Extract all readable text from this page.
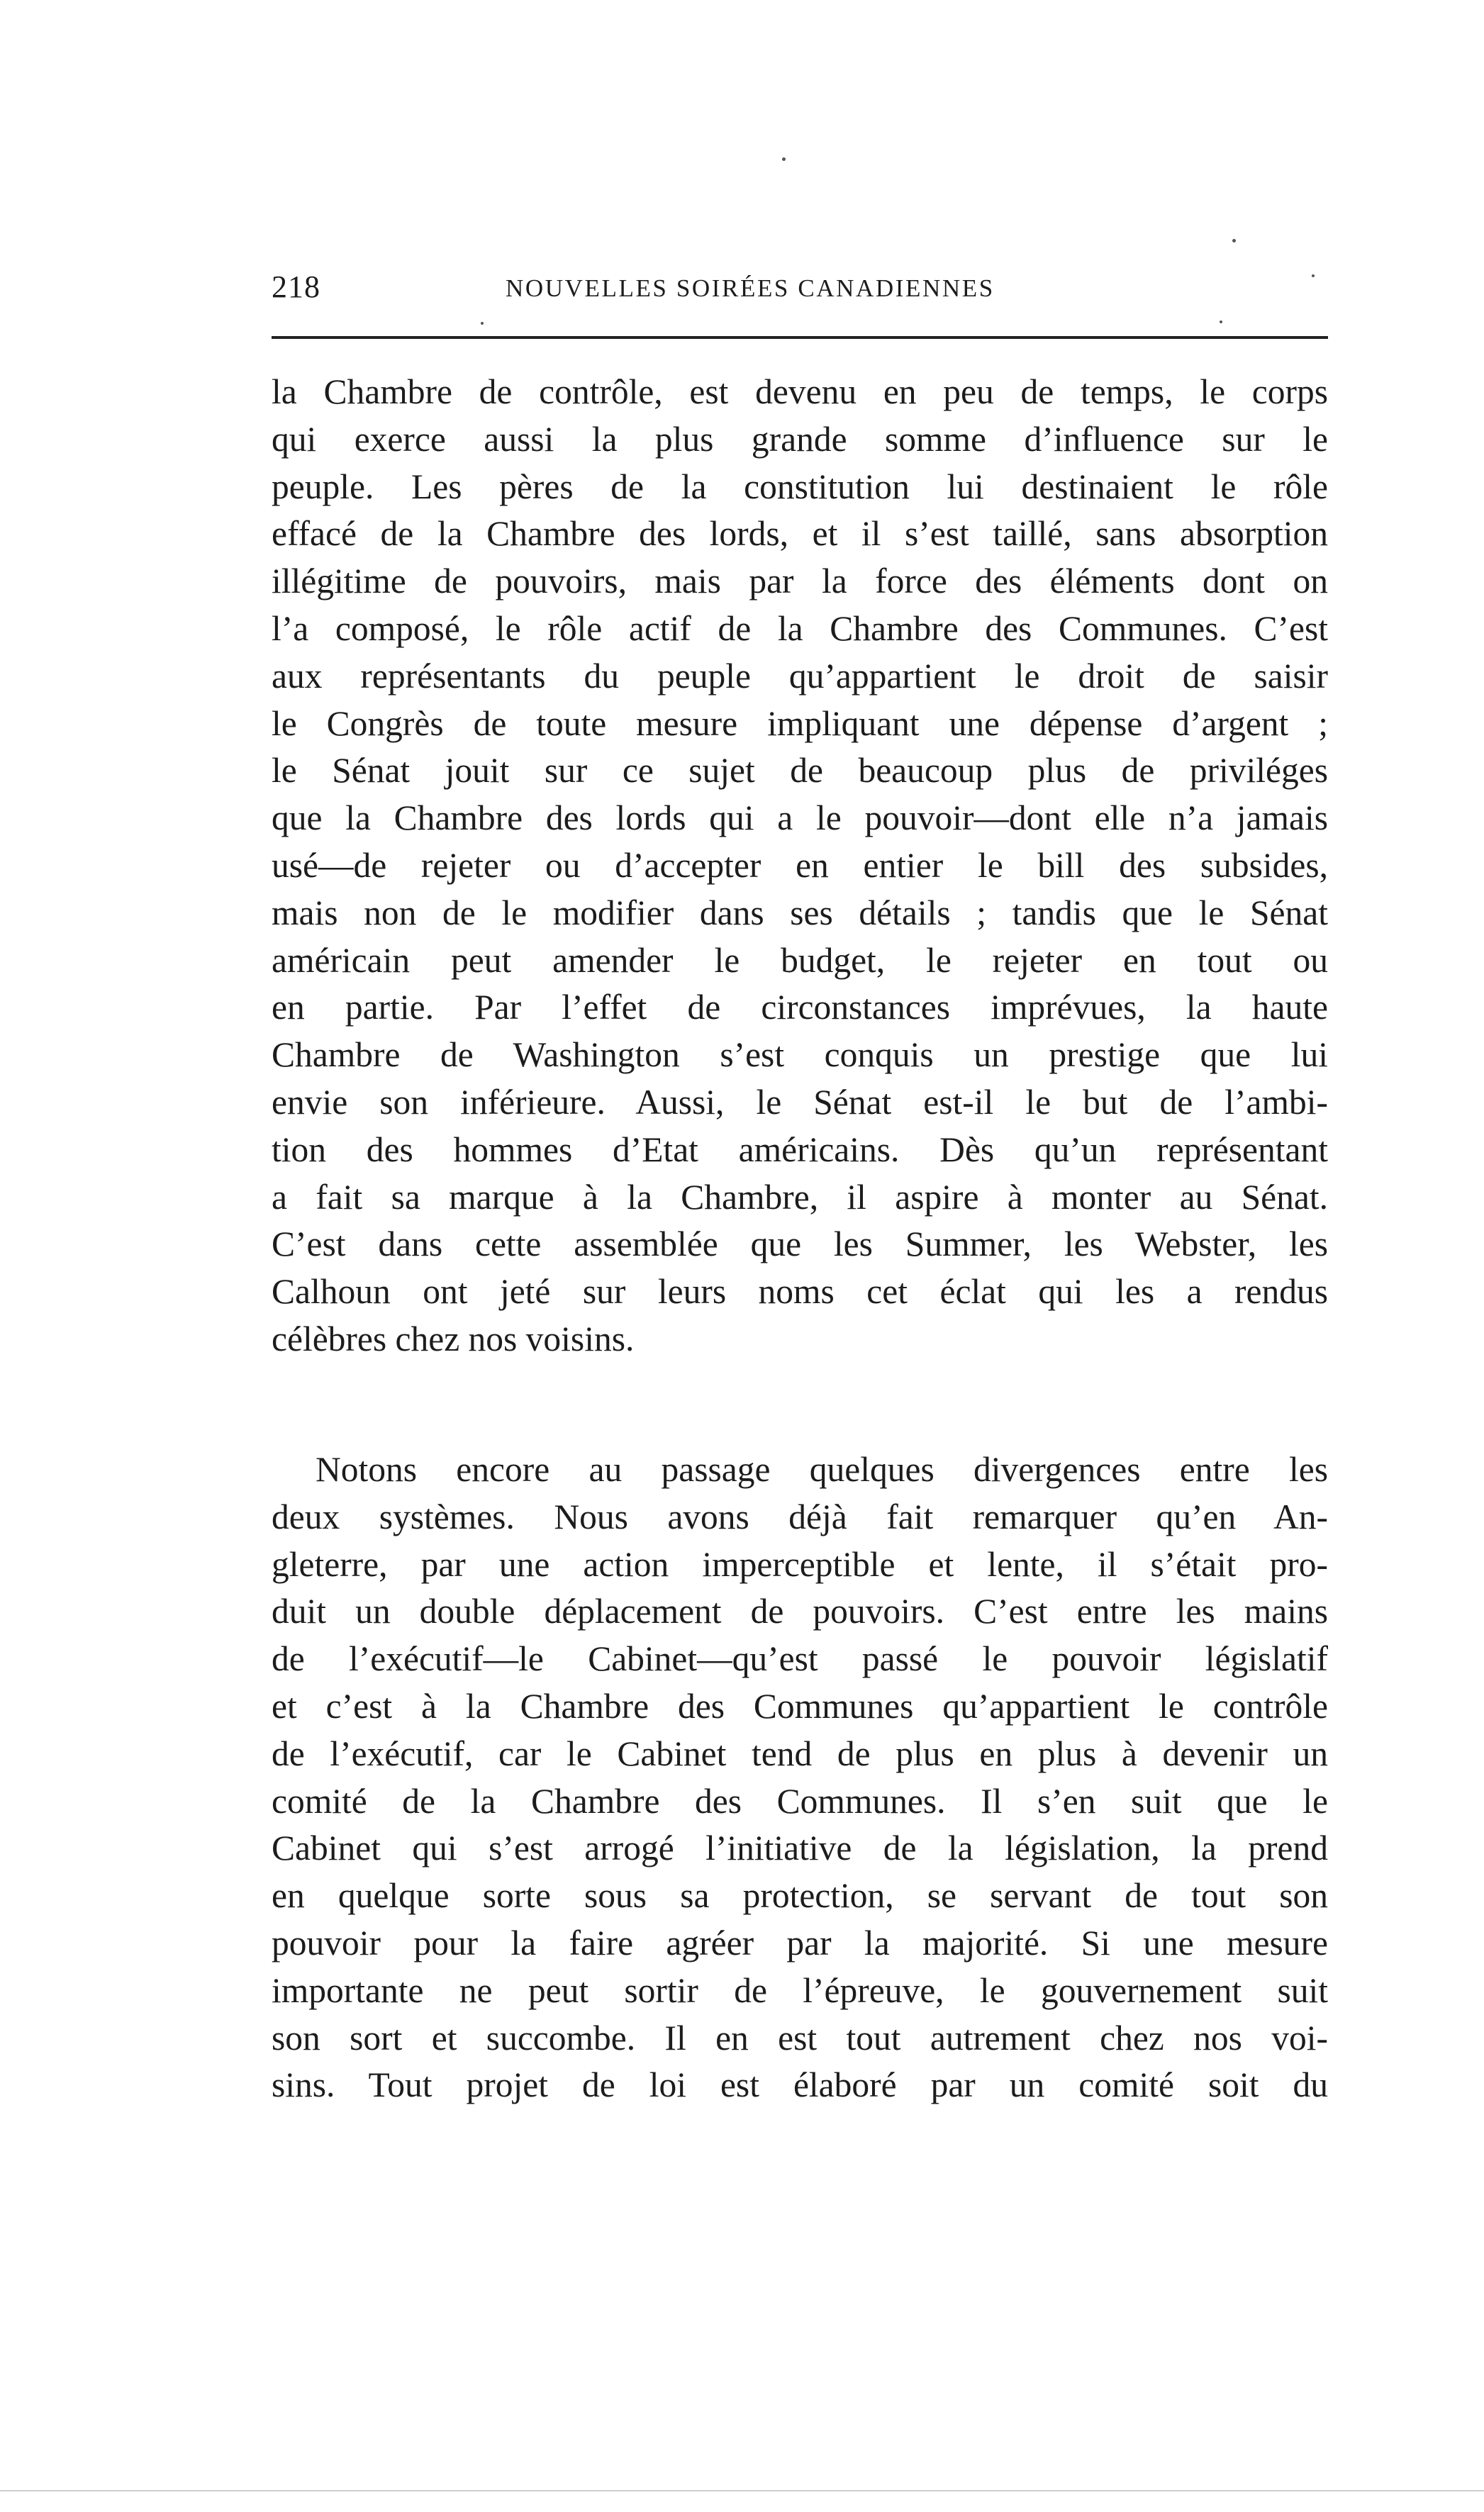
218	NOUVELLES SOIRÉES CANADIENNES
la Chambre de contrôle, est devenu en peu de temps, le corps
qui exerce aussi la plus grande somme d’influence sur le
peuple. Les pères de la constitution lui destinaient le rôle
effacé de la Chambre des lords, et il s’est taillé, sans absorption
illégitime de pouvoirs, mais par la force des éléments dont on
l’a composé, le rôle actif de la Chambre des Communes. C’est
aux représentants du peuple qu’appartient le droit de saisir
le Congrès de toute mesure impliquant une dépense d’argent ;
le Sénat jouit sur ce sujet de beaucoup plus de priviléges
que la Chambre des lords qui a le pouvoir—dont elle n’a jamais
usé—de rejeter ou d’accepter en entier le bill des subsides,
mais non de le modifier dans ses détails ; tandis que le Sénat
américain peut amender le budget, le rejeter en tout ou
en partie. Par l’effet de circonstances imprévues, la haute
Chambre de Washington s’est conquis un prestige que lui
envie son inférieure. Aussi, le Sénat est-il le but de l’ambi-
tion des hommes d’Etat américains. Dès qu’un représentant
a fait sa marque à la Chambre, il aspire à monter au Sénat.
C’est dans cette assemblée que les Summer, les Webster, les
Calhoun ont jeté sur leurs noms cet éclat qui les a rendus
célèbres chez nos voisins.
Notons encore au passage quelques divergences entre les
deux systèmes. Nous avons déjà fait remarquer qu’en An-
gleterre, par une action imperceptible et lente, il s’était pro-
duit un double déplacement de pouvoirs. C’est entre les mains
de l’exécutif—le Cabinet—qu’est passé le pouvoir législatif
et c’est à la Chambre des Communes qu’appartient le contrôle
de l’exécutif, car le Cabinet tend de plus en plus à devenir un
comité de la Chambre des Communes. Il s’en suit que le
Cabinet qui s’est arrogé l’initiative de la législation, la prend
en quelque sorte sous sa protection, se servant de tout son
pouvoir pour la faire agréer par la majorité. Si une mesure
importante ne peut sortir de l’épreuve, le gouvernement suit
son sort et succombe. Il en est tout autrement chez nos voi-
sins. Tout projet de loi est élaboré par un comité soit du
